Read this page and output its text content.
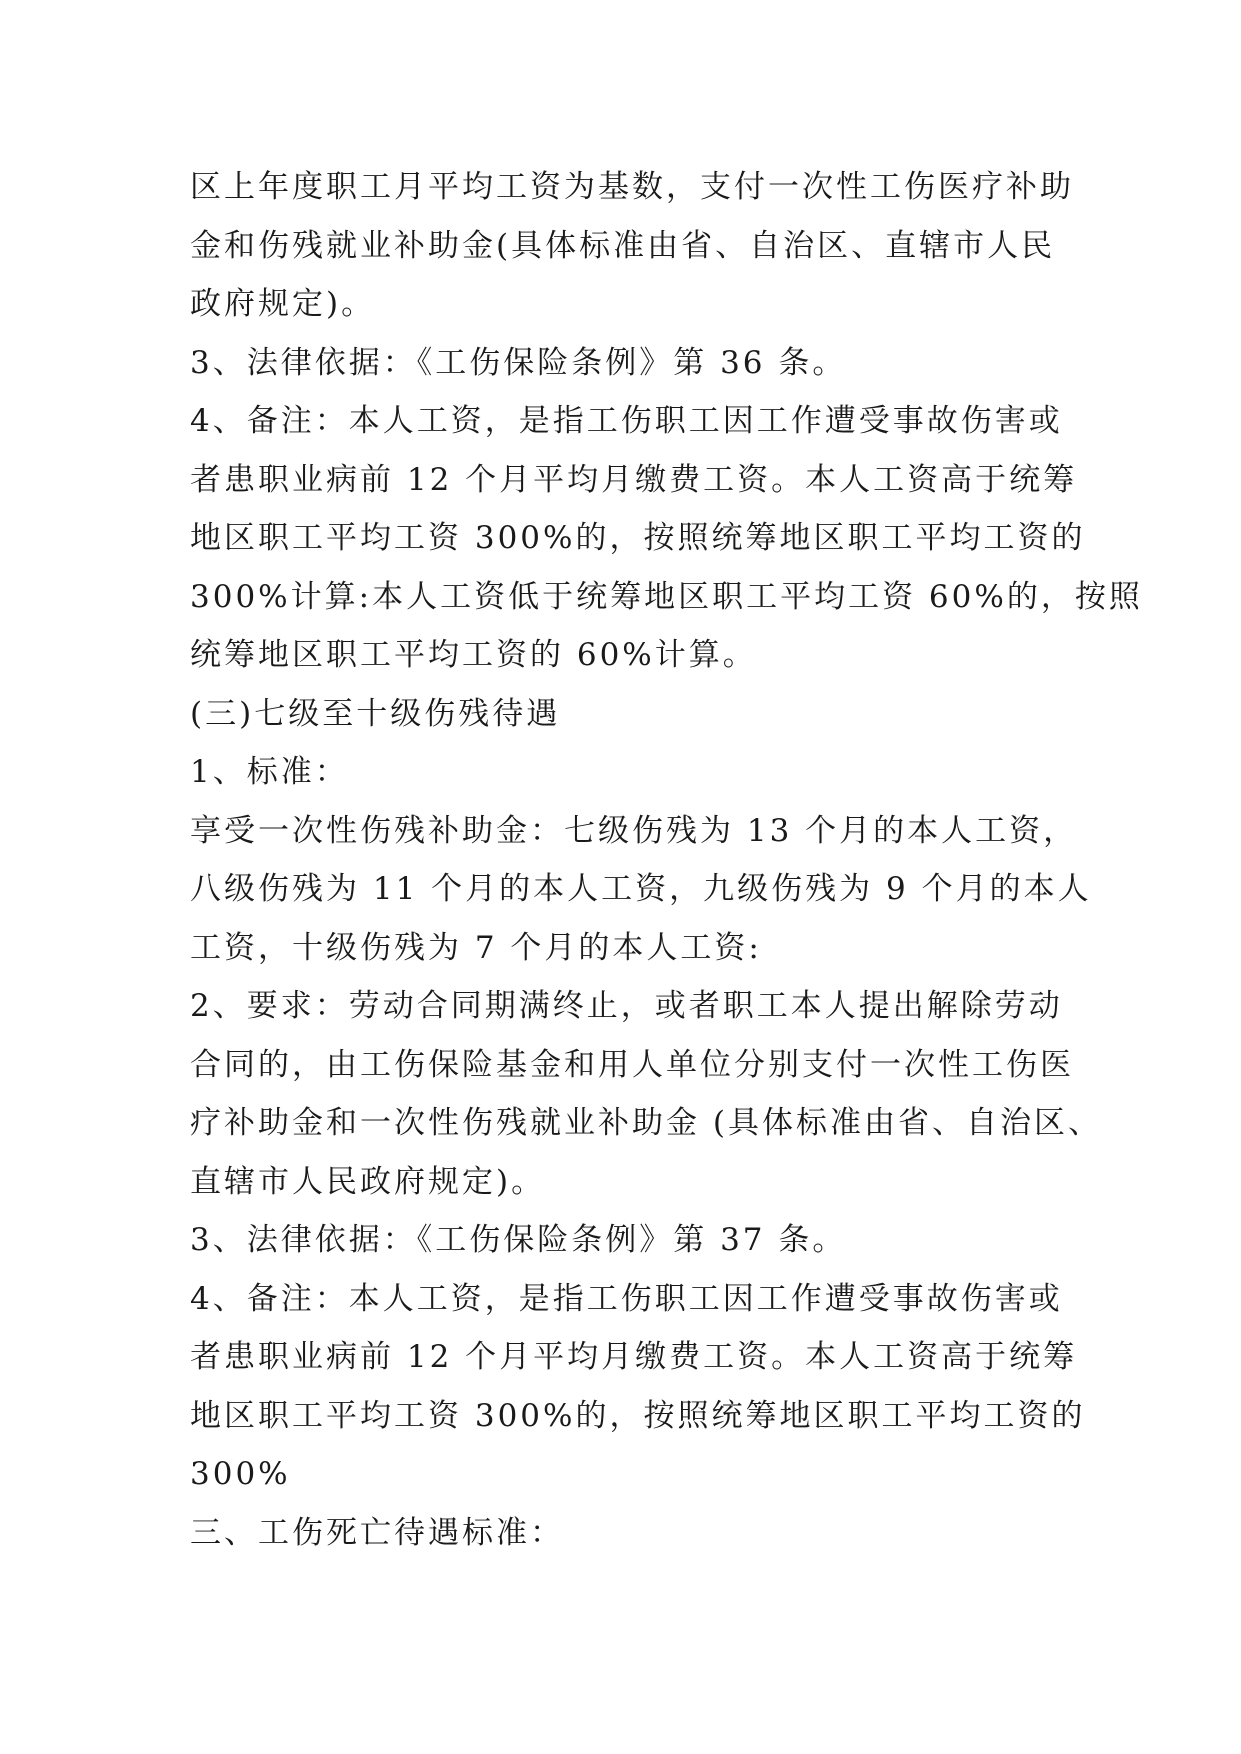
区上年度职工月平均工资为基数，支付一次性工伤医疗补助
金和伤残就业补助金(具体标准由省、自治区、直辖市人民
政府规定)。
3、法律依据：《工伤保险条例》第 36 条。
4、备注：本人工资，是指工伤职工因工作遭受事故伤害或
者患职业病前 12 个月平均月缴费工资。本人工资高于统筹
地区职工平均工资 300%的，按照统筹地区职工平均工资的
300%计算:本人工资低于统筹地区职工平均工资 60%的，按照
统筹地区职工平均工资的 60%计算。
(三)七级至十级伤残待遇
1、标准：
享受一次性伤残补助金：七级伤残为 13 个月的本人工资，
八级伤残为 11 个月的本人工资，九级伤残为 9 个月的本人
工资，十级伤残为 7 个月的本人工资:
2、要求：劳动合同期满终止，或者职工本人提出解除劳动
合同的，由工伤保险基金和用人单位分别支付一次性工伤医
疗补助金和一次性伤残就业补助金 (具体标准由省、自治区、
直辖市人民政府规定)。
3、法律依据：《工伤保险条例》第 37 条。
4、备注：本人工资，是指工伤职工因工作遭受事故伤害或
者患职业病前 12 个月平均月缴费工资。本人工资高于统筹
地区职工平均工资 300%的，按照统筹地区职工平均工资的
300%
三、工伤死亡待遇标准：
